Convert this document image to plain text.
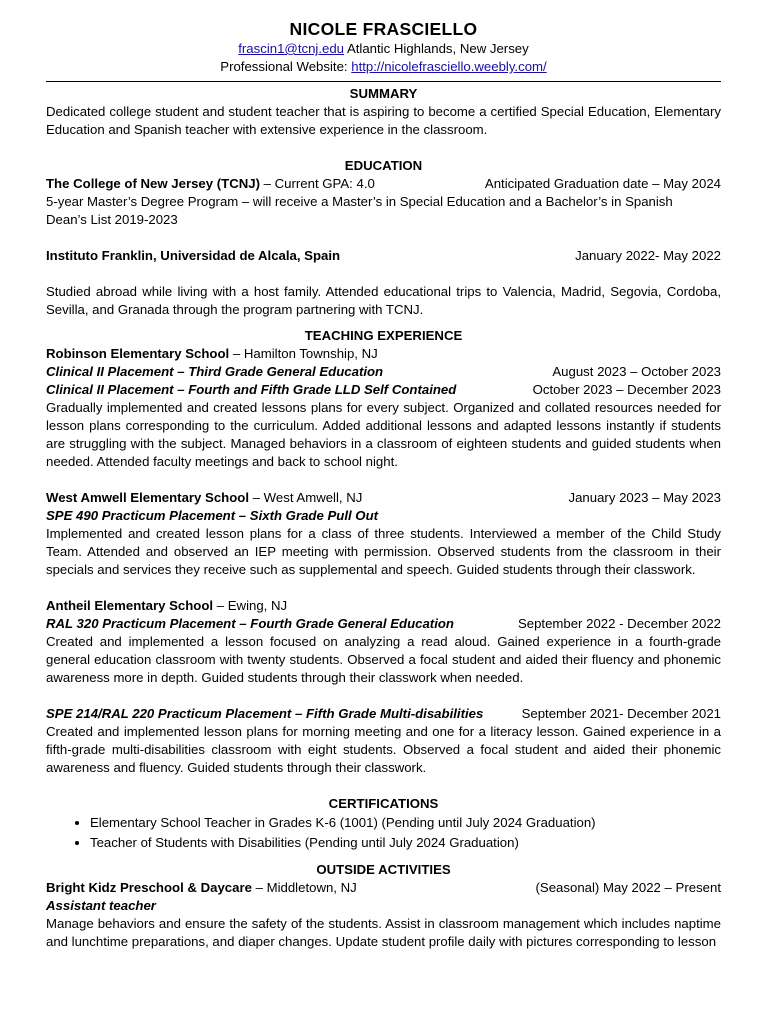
NICOLE FRASCIELLO
frascin1@tcnj.edu Atlantic Highlands, New Jersey
Professional Website: http://nicolefrasciello.weebly.com/
SUMMARY

Dedicated college student and student teacher that is aspiring to become a certified Special Education, Elementary Education and Spanish teacher with extensive experience in the classroom.

EDUCATION
The College of New Jersey (TCNJ) – Current GPA: 4.0	Anticipated Graduation date – May 2024
5-year Master’s Degree Program – will receive a Master’s in Special Education and a Bachelor’s in Spanish
Dean’s List 2019-2023
Instituto Franklin, Universidad de Alcala, Spain	January 2022- May 2022

Studied abroad while living with a host family. Attended educational trips to Valencia, Madrid, Segovia, Cordoba, Sevilla, and Granada through the program partnering with TCNJ.

TEACHING EXPERIENCE
Robinson Elementary School – Hamilton Township, NJ
Clinical II Placement – Third Grade General Education	August 2023 – October 2023
Clinical II Placement – Fourth and Fifth Grade LLD Self Contained	October 2023 – December 2023

Gradually implemented and created lessons plans for every subject. Organized and collated resources needed for lesson plans corresponding to the curriculum. Added additional lessons and adapted lessons instantly if students are struggling with the subject. Managed behaviors in a classroom of eighteen students and guided students when needed. Attended faculty meetings and back to school night.

West Amwell Elementary School – West Amwell, NJ	January 2023 – May 2023
SPE 490 Practicum Placement – Sixth Grade Pull Out

Implemented and created lesson plans for a class of three students. Interviewed a member of the Child Study Team. Attended and observed an IEP meeting with permission. Observed students from the classroom in their specials and services they receive such as supplemental and speech. Guided students through their classwork.

Antheil Elementary School – Ewing, NJ
RAL 320 Practicum Placement – Fourth Grade General Education	September 2022 - December 2022

Created and implemented a lesson focused on analyzing a read aloud. Gained experience in a fourth-grade general education classroom with twenty students. Observed a focal student and aided their fluency and phonemic awareness more in depth. Guided students through their classwork when needed.

SPE 214/RAL 220 Practicum Placement – Fifth Grade Multi-disabilities	September 2021- December 2021

Created and implemented lesson plans for morning meeting and one for a literacy lesson. Gained experience in a fifth-grade multi-disabilities classroom with eight students. Observed a focal student and aided their phonemic awareness and fluency. Guided students through their classwork.

CERTIFICATIONS
• Elementary School Teacher in Grades K-6 (1001) (Pending until July 2024 Graduation)
• Teacher of Students with Disabilities (Pending until July 2024 Graduation)
OUTSIDE ACTIVITIES
Bright Kidz Preschool & Daycare – Middletown, NJ	(Seasonal) May 2022 – Present
Assistant teacher

Manage behaviors and ensure the safety of the students. Assist in classroom management which includes naptime and lunchtime preparations, and diaper changes. Update student profile daily with pictures corresponding to lesson
